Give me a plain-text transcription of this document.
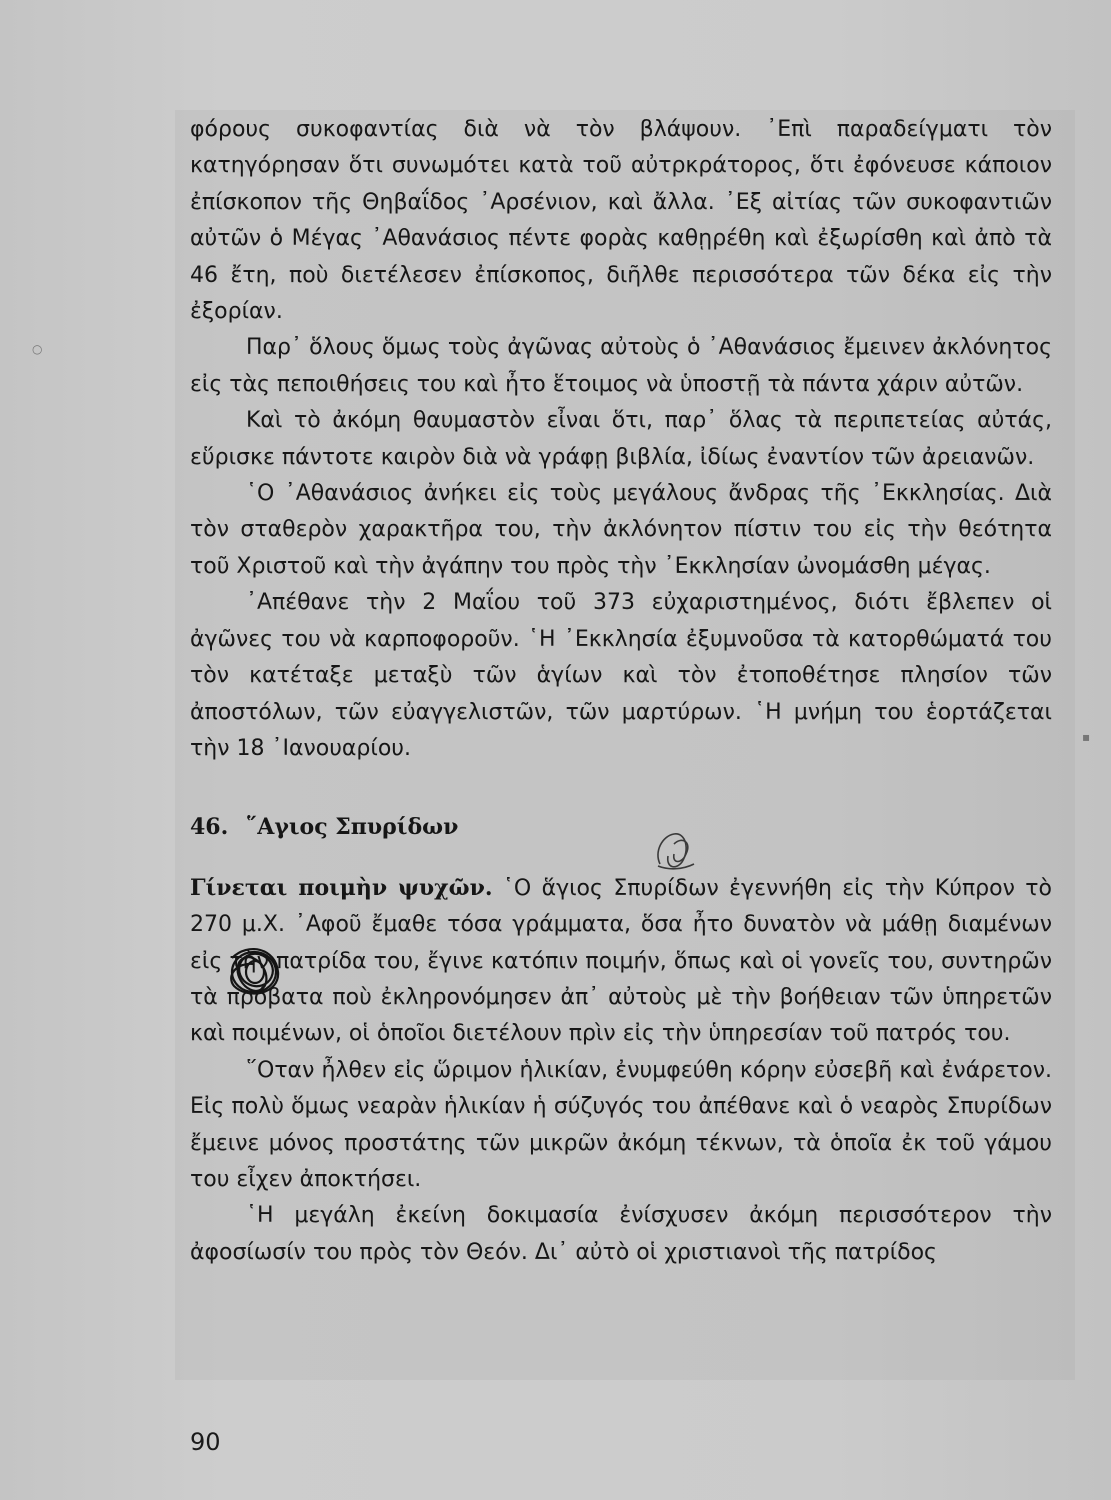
φόρους συκοφαντίας διὰ νὰ τὸν βλάψουν. ᾿Επὶ παραδείγματι τὸν κατηγόρησαν ὅτι συνωμότει κατὰ τοῦ αὐτρκράτορος, ὅτι ἐφόνευσε κάποιον ἐπίσκοπον τῆς Θηβαΐδος ᾿Αρσένιον, καὶ ἄλλα. ᾿Εξ αἰτίας τῶν συκοφαντιῶν αὐτῶν ὁ Μέγας ᾿Αθανάσιος πέντε φορὰς καθῃρέθη καὶ ἐξωρίσθη καὶ ἀπὸ τὰ 46 ἔτη, ποὺ διετέλεσεν ἐπίσκοπος, διῆλθε περισσότερα τῶν δέκα εἰς τὴν ἐξορίαν.

Παρ᾿ ὅλους ὅμως τοὺς ἀγῶνας αὐτοὺς ὁ ᾿Αθανάσιος ἔμεινεν ἀκλόνητος εἰς τὰς πεποιθήσεις του καὶ ἦτο ἕτοιμος νὰ ὑποστῇ τὰ πάντα χάριν αὐτῶν.

Καὶ τὸ ἀκόμη θαυμαστὸν εἶναι ὅτι, παρ᾿ ὅλας τὰ περιπετείας αὐτάς, εὕρισκε πάντοτε καιρὸν διὰ νὰ γράφῃ βιβλία, ἰδίως ἐναντίον τῶν ἀρειανῶν.

῾Ο ᾿Αθανάσιος ἀνήκει εἰς τοὺς μεγάλους ἄνδρας τῆς ᾿Εκκλησίας. Διὰ τὸν σταθερὸν χαρακτῆρα του, τὴν ἀκλόνητον πίστιν του εἰς τὴν θεότητα τοῦ Χριστοῦ καὶ τὴν ἀγάπην του πρὸς τὴν ᾿Εκκλησίαν ὠνομάσθη μέγας.

᾿Απέθανε τὴν 2 Μαΐου τοῦ 373 εὐχαριστημένος, διότι ἔβλεπεν οἱ ἀγῶνες του νὰ καρποφοροῦν. ῾Η ᾿Εκκλησία ἐξυμνοῦσα τὰ κατορθώματά του τὸν κατέταξε μεταξὺ τῶν ἁγίων καὶ τὸν ἐτοποθέτησε πλησίον τῶν ἀποστόλων, τῶν εὐαγγελιστῶν, τῶν μαρτύρων. ῾Η μνήμη του ἑορτάζεται τὴν 18 ᾿Ιανουαρίου.

46. ῞Αγιος Σπυρίδων

Γίνεται ποιμὴν ψυχῶν. ῾Ο ἅγιος Σπυρίδων ἐγεννήθη εἰς τὴν Κύπρον τὸ 270 μ.Χ. ᾿Αφοῦ ἔμαθε τόσα γράμματα, ὅσα ἦτο δυνατὸν νὰ μάθῃ διαμένων εἰς τὴν πατρίδα του, ἔγινε κατόπιν ποιμήν, ὅπως καὶ οἱ γονεῖς του, συντηρῶν τὰ πρόβατα ποὺ ἐκληρονόμησεν ἀπ᾿ αὐτοὺς μὲ τὴν βοήθειαν τῶν ὑπηρετῶν καὶ ποιμένων, οἱ ὁποῖοι διετέλουν πρὶν εἰς τὴν ὑπηρεσίαν τοῦ πατρός του.

῞Οταν ἦλθεν εἰς ὥριμον ἡλικίαν, ἐνυμφεύθη κόρην εὐσεβῆ καὶ ἐνάρετον. Εἰς πολὺ ὅμως νεαρὰν ἡλικίαν ἡ σύζυγός του ἀπέθανε καὶ ὁ νεαρὸς Σπυρίδων ἔμεινε μόνος προστάτης τῶν μικρῶν ἀκόμη τέκνων, τὰ ὁποῖα ἐκ τοῦ γάμου του εἶχεν ἀποκτήσει.

῾Η μεγάλη ἐκείνη δοκιμασία ἐνίσχυσεν ἀκόμη περισσότερον τὴν ἀφοσίωσίν του πρὸς τὸν Θεόν. Δι᾿ αὐτὸ οἱ χριστιανοὶ τῆς πατρίδος

90
○
▪
